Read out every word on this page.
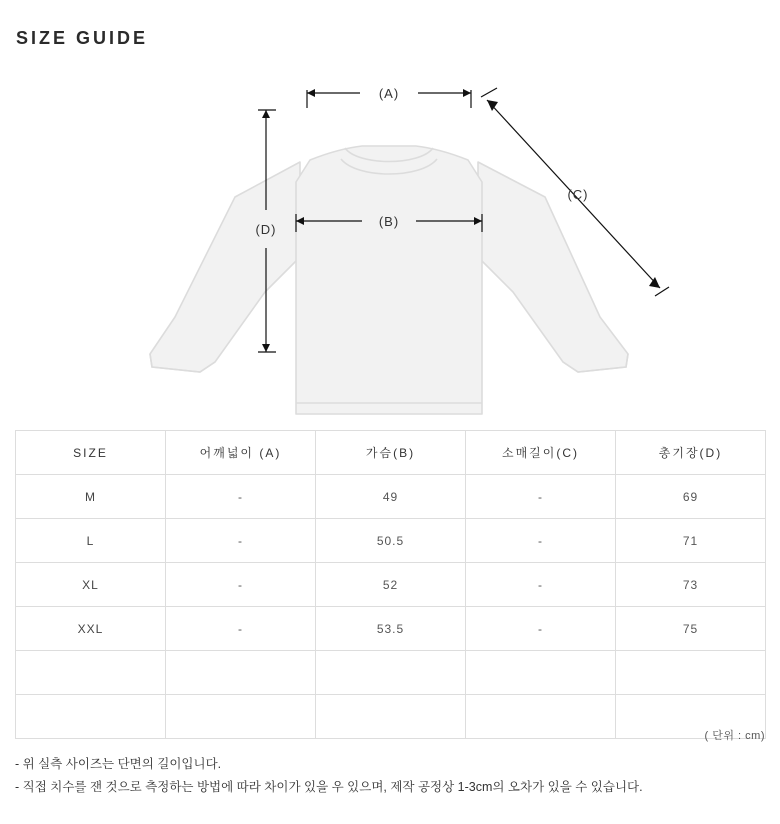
SIZE GUIDE
(A)
(B)
(C)
(D)
SIZE	어깨넓이 (A)	가슴(B)	소매길이(C)	총기장(D)
M	-	49	-	69
L	-	50.5	-	71
XL	-	52	-	73
XXL	-	53.5	-	75

( 단위 : cm)
- 위 실측 사이즈는 단면의 길이입니다.
- 직접 치수를 잰 것으로 측정하는 방법에 따라 차이가 있을 우 있으며, 제작 공정상 1-3cm의 오차가 있을 수 있습니다.
